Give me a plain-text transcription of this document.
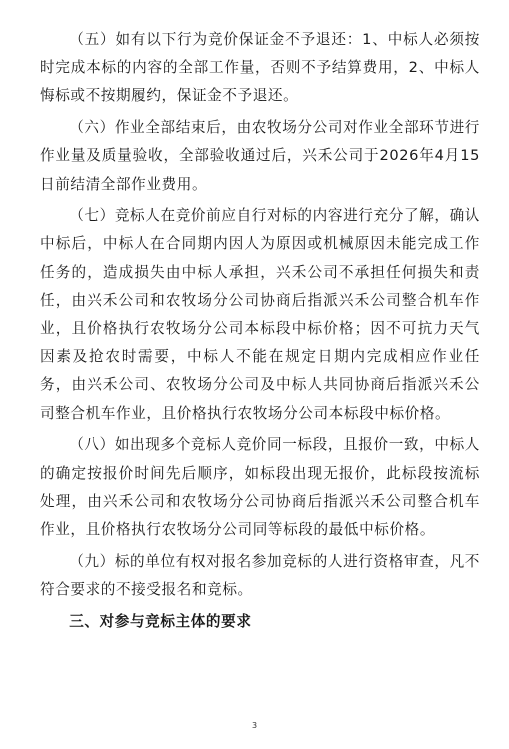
（五）如有以下行为竞价保证金不予退还：1、中标人必须按时完成本标的内容的全部工作量，否则不予结算费用，2、中标人悔标或不按期履约，保证金不予退还。

（六）作业全部结束后，由农牧场分公司对作业全部环节进行作业量及质量验收，全部验收通过后，兴禾公司于2026年4月15日前结清全部作业费用。

（七）竞标人在竞价前应自行对标的内容进行充分了解，确认中标后，中标人在合同期内因人为原因或机械原因未能完成工作任务的，造成损失由中标人承担，兴禾公司不承担任何损失和责任，由兴禾公司和农牧场分公司协商后指派兴禾公司整合机车作业，且价格执行农牧场分公司本标段中标价格；因不可抗力天气因素及抢农时需要，中标人不能在规定日期内完成相应作业任务，由兴禾公司、农牧场分公司及中标人共同协商后指派兴禾公司整合机车作业，且价格执行农牧场分公司本标段中标价格。

（八）如出现多个竞标人竞价同一标段，且报价一致，中标人的确定按报价时间先后顺序，如标段出现无报价，此标段按流标处理，由兴禾公司和农牧场分公司协商后指派兴禾公司整合机车作业，且价格执行农牧场分公司同等标段的最低中标价格。

（九）标的单位有权对报名参加竞标的人进行资格审查，凡不符合要求的不接受报名和竞标。

三、对参与竞标主体的要求

3
